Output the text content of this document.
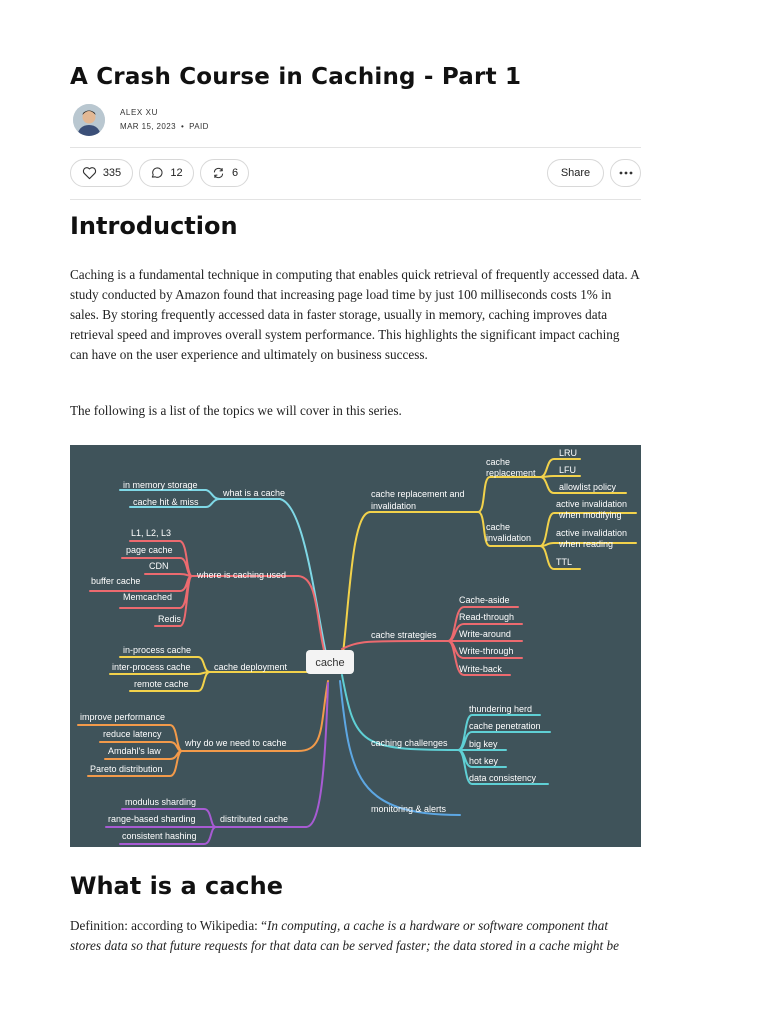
A Crash Course in Caching - Part 1
ALEX XU
MAR 15, 2023 • PAID
335	12	6	Share
Introduction

Caching is a fundamental technique in computing that enables quick retrieval of frequently accessed data. A study conducted by Amazon found that increasing page load time by just 100 milliseconds costs 1% in sales. By storing frequently accessed data in faster storage, usually in memory, caching improves data retrieval speed and improves overall system performance. This highlights the significant impact caching can have on the user experience and ultimately on business success.

The following is a list of the topics we will cover in this series.

cache
what is a cache
in memory storage
cache hit & miss
where is caching used
L1, L2, L3
page cache
CDN
buffer cache
Memcached
Redis
cache deployment
in-process cache
inter-process cache
remote cache
why do we need to cache
improve performance
reduce latency
Amdahl's law
Pareto distribution
distributed cache
modulus sharding
range-based sharding
consistent hashing
cache replacement and
invalidation
cache
replacement
LRU
LFU
allowlist policy
cache
invalidation
active invalidation
when modifying
active invalidation
when reading
TTL
cache strategies
Cache-aside
Read-through
Write-around
Write-through
Write-back
caching challenges
thundering herd
cache penetration
big key
hot key
data consistency
monitoring & alerts
What is a cache

Definition: according to Wikipedia: “In computing, a cache is a hardware or software component that stores data so that future requests for that data can be served faster; the data stored in a cache might be
